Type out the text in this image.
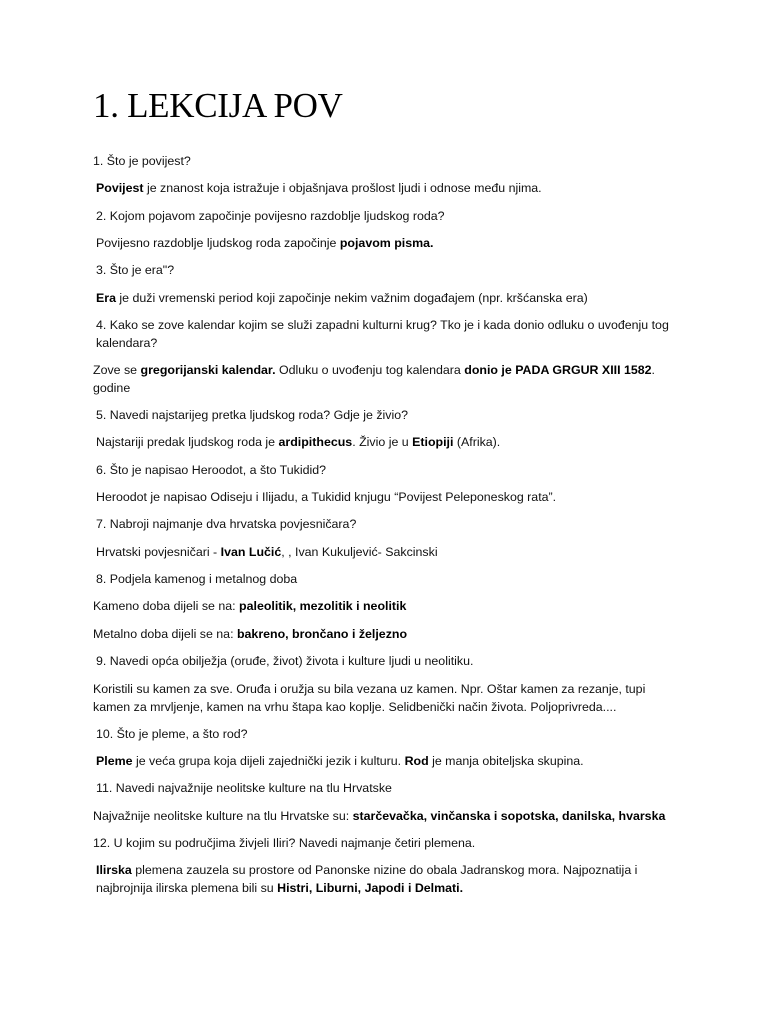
1. LEKCIJA POV

1. Što je povijest?

Povijest je znanost koja istražuje i objašnjava prošlost ljudi i odnose među njima.

2. Kojom pojavom započinje povijesno razdoblje ljudskog roda?

Povijesno razdoblje ljudskog roda započinje pojavom pisma.

3. Što je era"?

Era je duži vremenski period koji započinje nekim važnim događajem (npr. kršćanska era)

4. Kako se zove kalendar kojim se služi zapadni kulturni krug? Tko je i kada donio odluku o uvođenju tog kalendara?

Zove se gregorijanski kalendar. Odluku o uvođenju tog kalendara donio je PADA GRGUR XIII 1582. godine

5. Navedi najstarijeg pretka ljudskog roda? Gdje je živio?

Najstariji predak ljudskog roda je ardipithecus. Živio je u Etiopiji (Afrika).

6. Što je napisao Heroodot, a što Tukidid?

Heroodot je napisao Odiseju i Ilijadu, a Tukidid knjugu “Povijest Peleponeskog rata”.

7. Nabroji najmanje dva hrvatska povjesničara?

Hrvatski povjesničari - Ivan Lučić, , Ivan Kukuljević- Sakcinski

8. Podjela kamenog i metalnog doba

Kameno doba dijeli se na: paleolitik, mezolitik i neolitik

Metalno doba dijeli se na: bakreno, brončano i željezno

9. Navedi opća obilježja (oruđe, život) života i kulture ljudi u neolitiku.

Koristili su kamen za sve. Oruđa i oružja su bila vezana uz kamen. Npr. Oštar kamen za rezanje, tupi kamen za mrvljenje, kamen na vrhu štapa kao koplje. Selidbenički način života. Poljoprivreda....

10. Što je pleme, a što rod?

Pleme je veća grupa koja dijeli zajednički jezik i kulturu. Rod je manja obiteljska skupina.

11. Navedi najvažnije neolitske kulture na tlu Hrvatske

Najvažnije neolitske kulture na tlu Hrvatske su: starčevačka, vinčanska i sopotska, danilska, hvarska

12. U kojim su područjima živjeli Iliri? Navedi najmanje četiri plemena.

Ilirska plemena zauzela su prostore od Panonske nizine do obala Jadranskog mora. Najpoznatija i najbrojnija ilirska plemena bili su Histri, Liburni, Japodi i Delmati.
